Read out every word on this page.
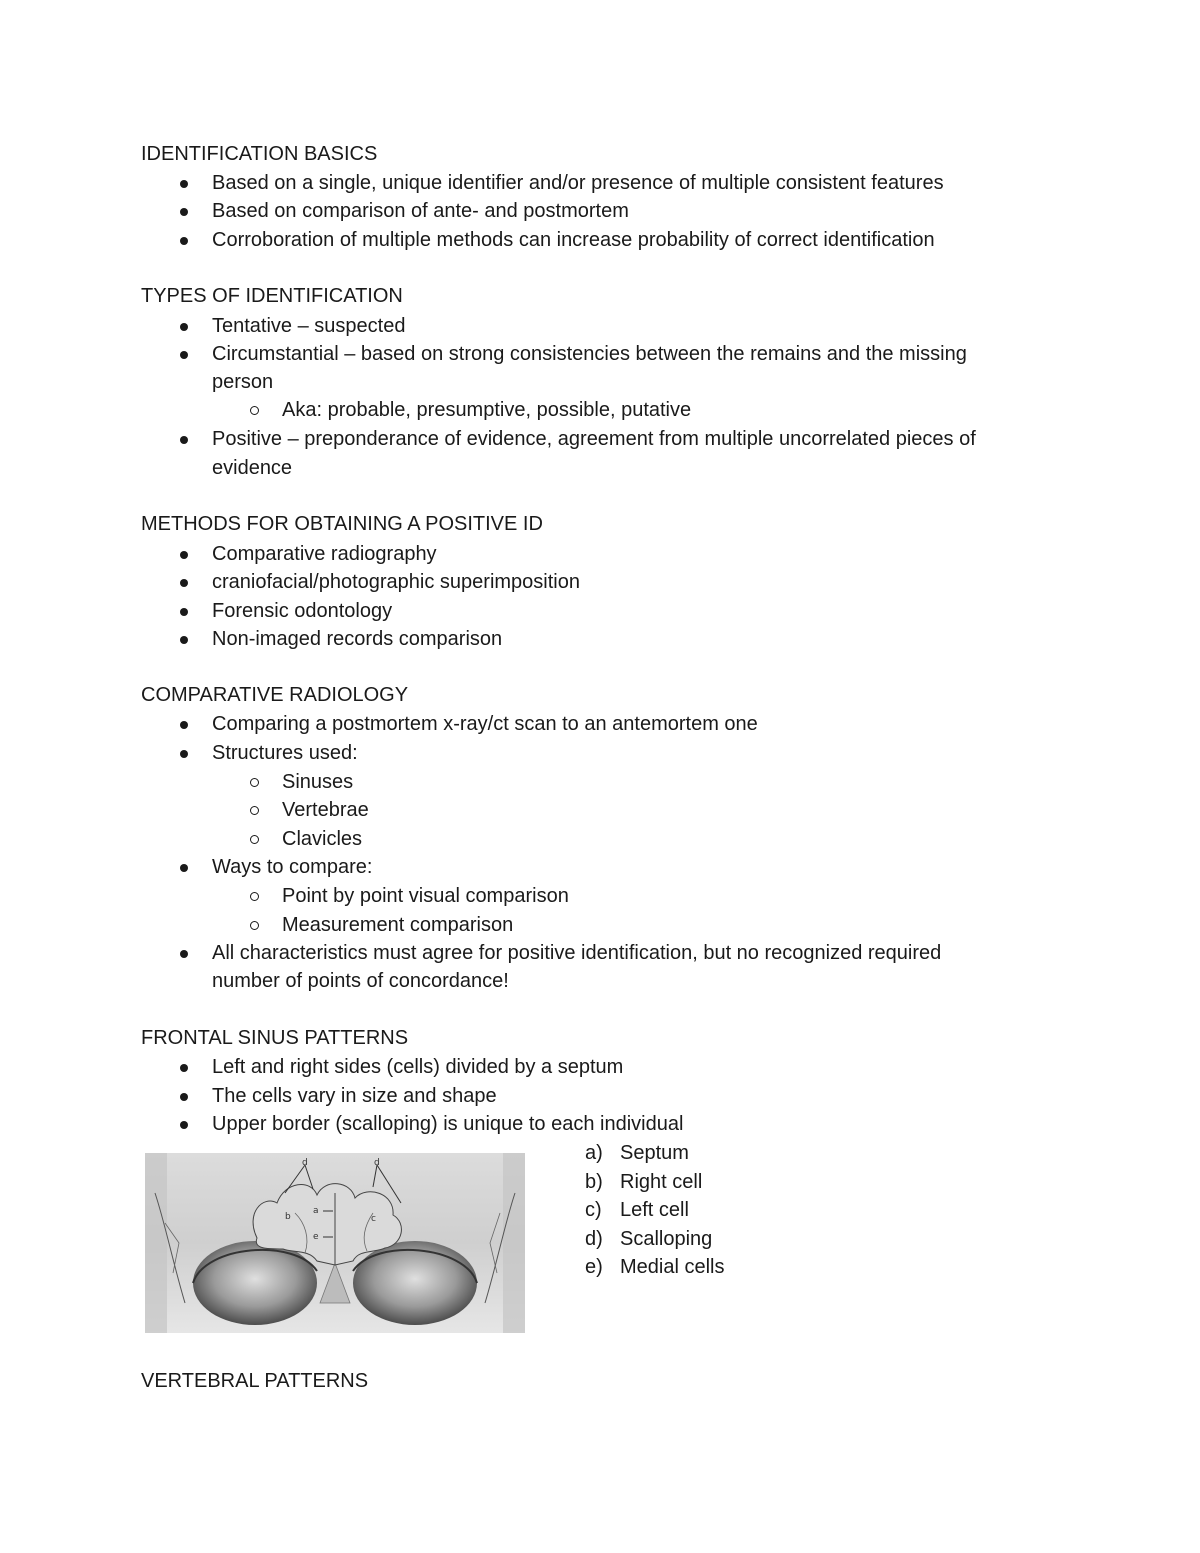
IDENTIFICATION BASICS
Based on a single, unique identifier and/or presence of multiple consistent features
Based on comparison of ante- and postmortem
Corroboration of multiple methods can increase probability of correct identification
TYPES OF IDENTIFICATION
Tentative – suspected
Circumstantial – based on strong consistencies between the remains and the missing
person
Aka: probable, presumptive, possible, putative
Positive – preponderance of evidence, agreement from multiple uncorrelated pieces of
evidence
METHODS FOR OBTAINING A POSITIVE ID
Comparative radiography
craniofacial/photographic superimposition
Forensic odontology
Non-imaged records comparison
COMPARATIVE RADIOLOGY
Comparing a postmortem x-ray/ct scan to an antemortem one
Structures used:
Sinuses
Vertebrae
Clavicles
Ways to compare:
Point by point visual comparison
Measurement comparison
All characteristics must agree for positive identification, but no recognized required
number of points of concordance!
FRONTAL SINUS PATTERNS
Left and right sides (cells) divided by a septum
The cells vary in size and shape
Upper border (scalloping) is unique to each individual
a) Septum
b) Right cell
c) Left cell
d) Scalloping
e) Medial cells
d	d
b	c
a
e
VERTEBRAL PATTERNS
